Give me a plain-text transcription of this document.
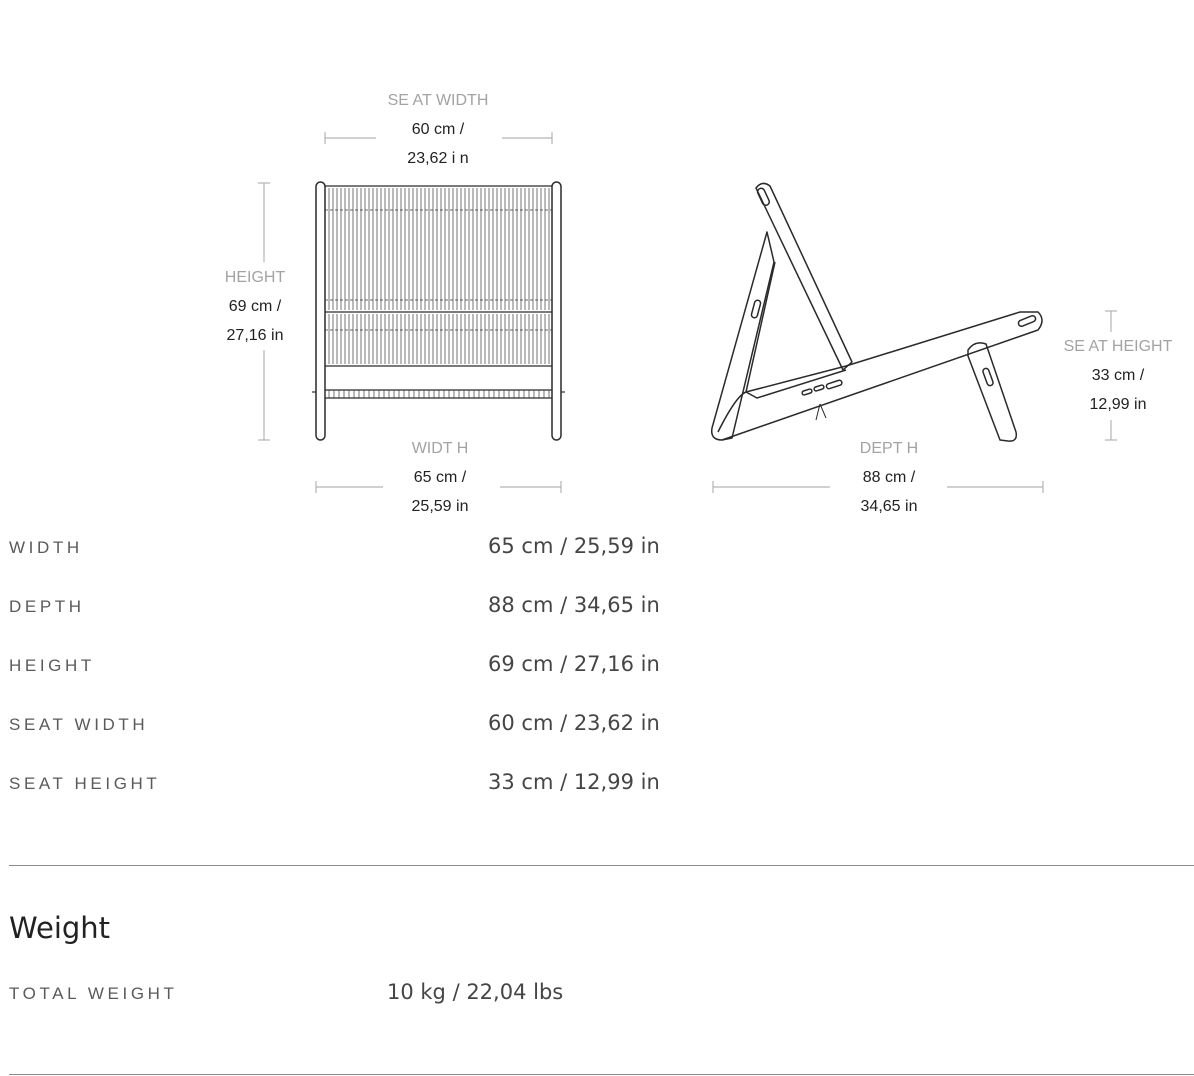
SE AT WIDTH
60 cm /
23,62 i n
HEIGHT
69 cm /
27,16 in
WIDT H
65 cm /
25,59 in
SE AT HEIGHT
33 cm /
12,99 in
DEPT H
88 cm /
34,65 in
WIDTH	65 cm / 25,59 in
DEPTH	88 cm / 34,65 in
HEIGHT	69 cm / 27,16 in
SEAT WIDTH	60 cm / 23,62 in
SEAT HEIGHT	33 cm / 12,99 in
Weight
TOTAL WEIGHT	10 kg / 22,04 lbs
